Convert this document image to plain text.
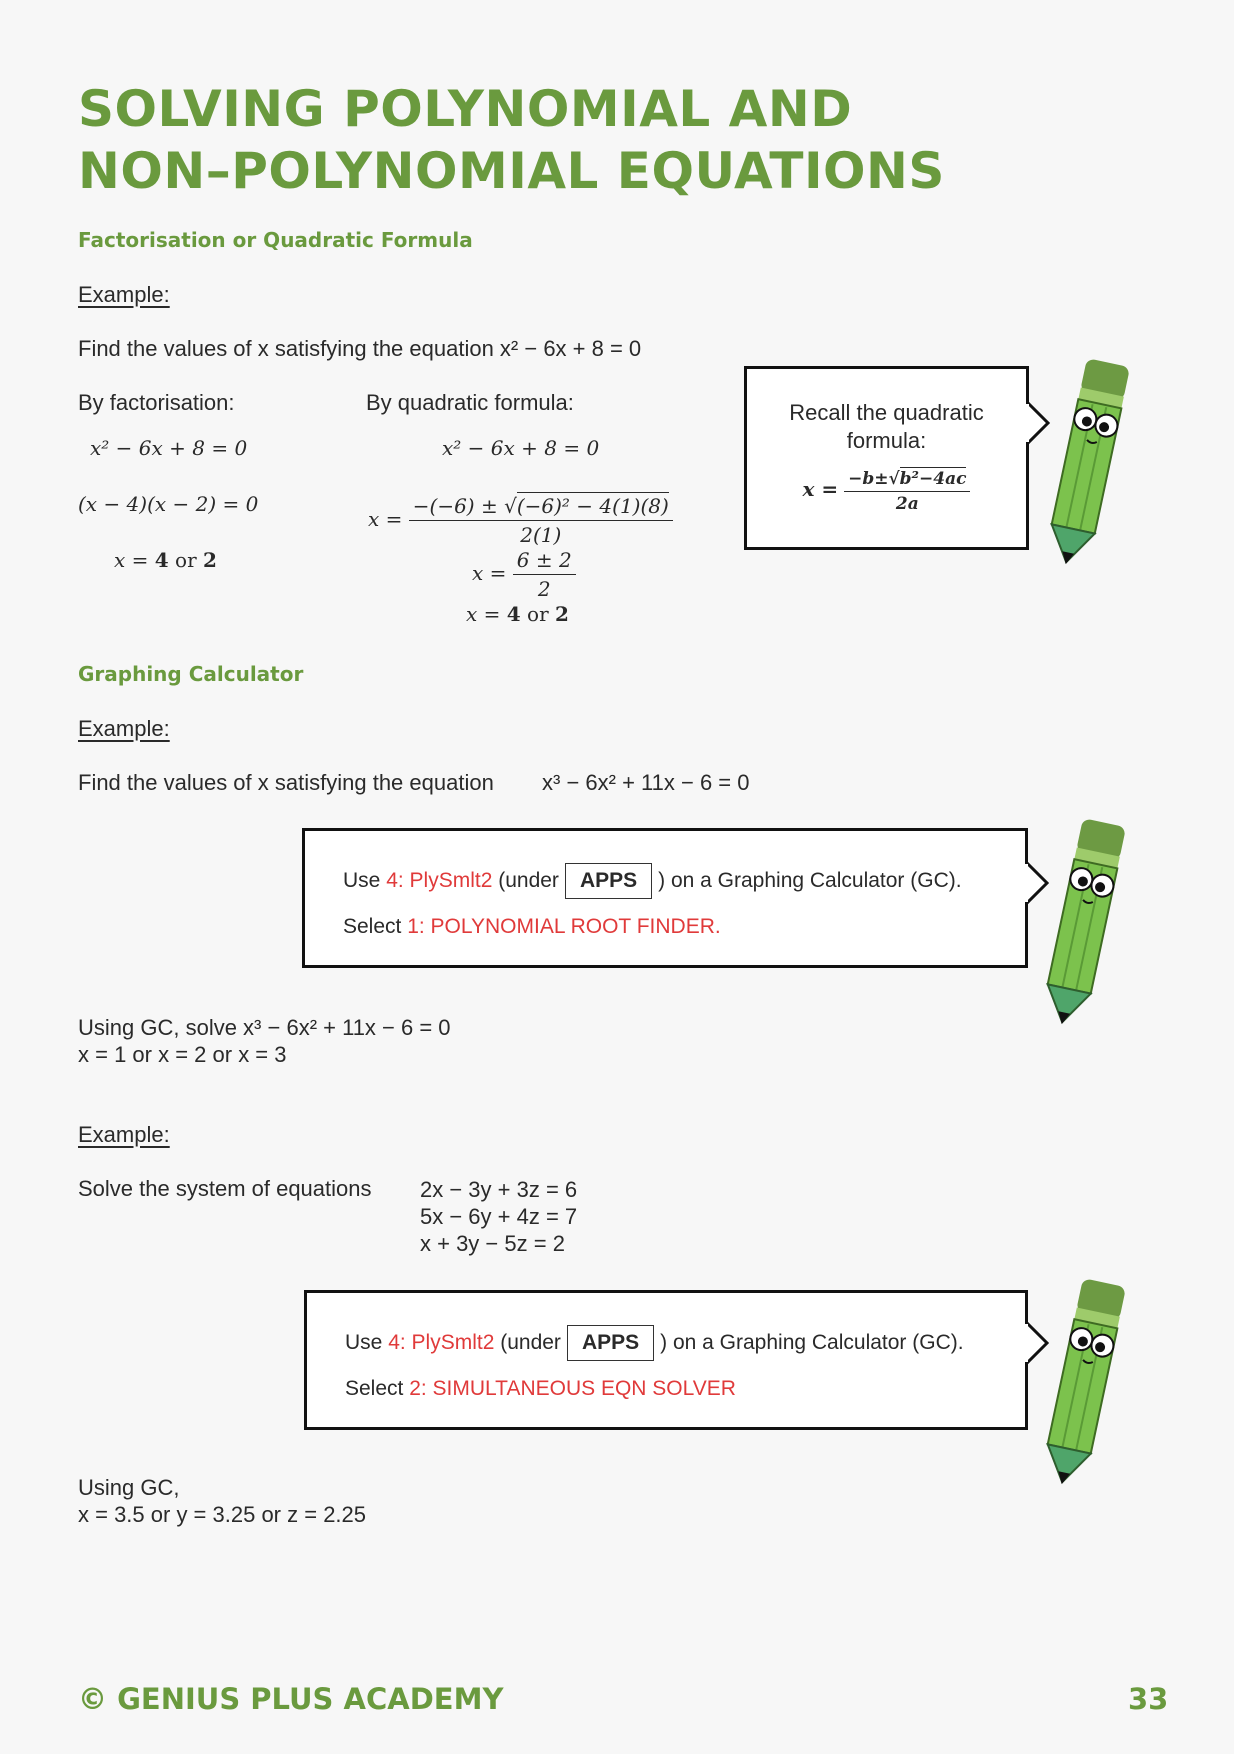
SOLVING POLYNOMIAL AND
NON–POLYNOMIAL EQUATIONS
Factorisation or Quadratic Formula
Example:
Find the values of x satisfying the equation x² − 6x + 8 = 0
By factorisation:
x² − 6x + 8 = 0
(x − 4)(x − 2) = 0
x = 4 or 2
By quadratic formula:
x² − 6x + 8 = 0
$x = \frac{\text{−(−6) ± √(−6)² − 4(1)(8)}}{2(1)}$
$x = \frac{6 \pm 2}{2}$
x = 4 or 2
Recall the quadratic
formula:
$x = \frac{\text{−b±√b²−4ac}}{2a}$
Graphing Calculator
Example:
Find the values of x satisfying the equation x³ − 6x² + 11x − 6 = 0
Use 4: PlySmlt2 (under APPS ) on a Graphing Calculator (GC).
Select 1: POLYNOMIAL ROOT FINDER.
Using GC, solve x³ − 6x² + 11x − 6 = 0
x = 1 or x = 2 or x = 3
Example:
Solve the system of equations 2x − 3y + 3z = 6
5x − 6y + 4z = 7
x + 3y − 5z = 2
Use 4: PlySmlt2 (under APPS ) on a Graphing Calculator (GC).
Select 2: SIMULTANEOUS EQN SOLVER
Using GC,
x = 3.5 or y = 3.25 or z = 2.25
© GENIUS PLUS ACADEMY	33
